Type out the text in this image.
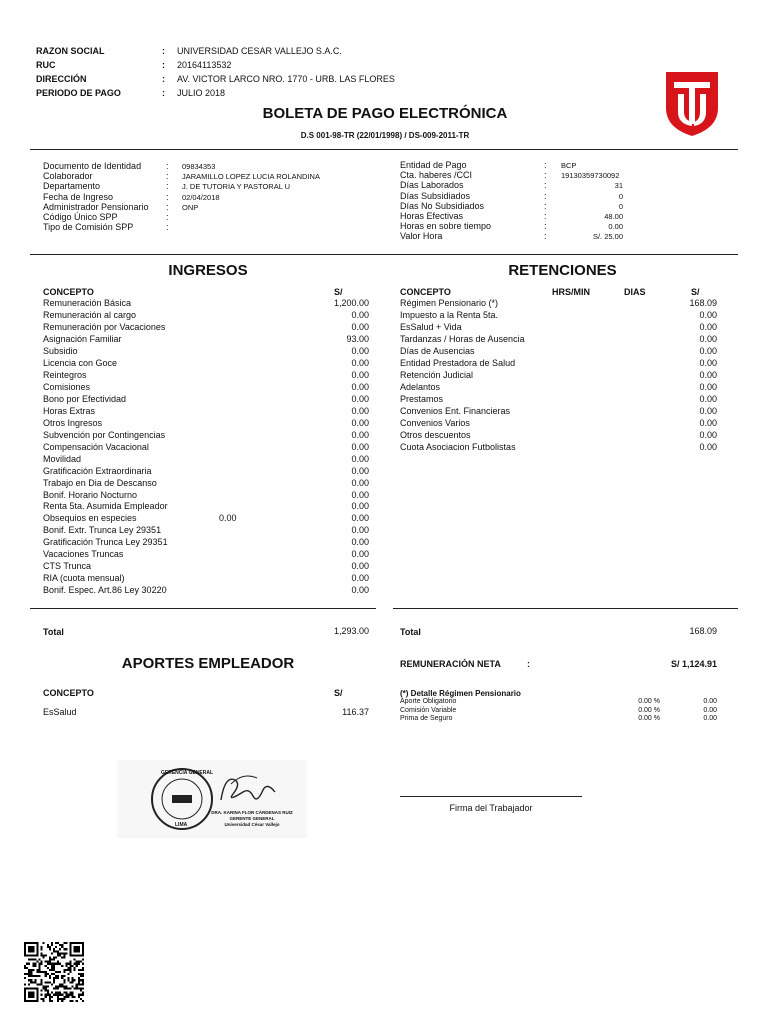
RAZON SOCIAL	: UNIVERSIDAD CESAR VALLEJO S.A.C.
RUC	: 20164113532
DIRECCIÓN	: AV. VICTOR LARCO NRO. 1770 - URB. LAS FLORES
PERIODO DE PAGO	: JULIO 2018
BOLETA DE PAGO ELECTRÓNICA
D.S 001-98-TR (22/01/1998) / DS-009-2011-TR
Documento de Identidad	: 09834353
Colaborador	: JARAMILLO LOPEZ LUCIA ROLANDINA
Departamento	: J. DE TUTORIA Y PASTORAL U
Fecha de Ingreso	: 02/04/2018
Administrador Pensionario : ONP
Código Único SPP	:
Tipo de Comisión SPP	:
Entidad de Pago	: BCP
Cta. haberes /CCI	: 19130359730092
Días Laborados	:	31
Días Subsidiados	:	0
Días No Subsidiados	:	0
Horas Efectivas	:	48.00
Horas en sobre tiempo	:	0.00
Valor Hora	:	S/. 25.00
INGRESOS
CONCEPTO	S/
Remuneración Básica	1,200.00
Remuneración al cargo	0.00
Remuneración por Vacaciones	0.00
Asignación Familiar	93.00
Subsidio	0.00
Licencia con Goce	0.00
Reintegros	0.00
Comisiones	0.00
Bono por Efectividad	0.00
Horas Extras	0.00
Otros Ingresos	0.00
Subvención por Contingencias	0.00
Compensación Vacacional	0.00
Movilidad	0.00
Gratificación Extraordinaria	0.00
Trabajo en Dia de Descanso	0.00
Bonif. Horario Nocturno	0.00
Renta 5ta. Asumida Empleador	0.00
Obsequios en especies	0.00	0.00
Bonif. Extr. Trunca Ley 29351	0.00
Gratificación Trunca Ley 29351	0.00
Vacaciones Truncas	0.00
CTS Trunca	0.00
RIA (cuota mensual)	0.00
Bonif. Espec. Art.86 Ley 30220	0.00
Total	1,293.00
RETENCIONES
CONCEPTO	HRS/MIN	DIAS	S/
Régimen Pensionario (*)	168.09
Impuesto a la Renta 5ta.	0.00
EsSalud + Vida	0.00
Tardanzas / Horas de Ausencia	0.00
Días de Ausencias	0.00
Entidad Prestadora de Salud	0.00
Retención Judicial	0.00
Adelantos	0.00
Prestamos	0.00
Convenios Ent. Financieras	0.00
Convenios Varios	0.00
Otros descuentos	0.00
Cuota Asociacion Futbolistas	0.00
Total	168.09
APORTES EMPLEADOR
CONCEPTO	S/
EsSalud	116.37
REMUNERACIÓN NETA	:	S/ 1,124.91
(*) Detalle Régimen Pensionario
Aporte Obligatorio	0.00 %	0.00
Comisión Variable	0.00 %	0.00
Prima de Seguro	0.00 %	0.00
GERENCIA GENERAL
LIMA
DRA. KARINA FLOR CÁRDENAS RUIZ
GERENTE GENERAL
Universidad César Vallejo
Firma del Trabajador
